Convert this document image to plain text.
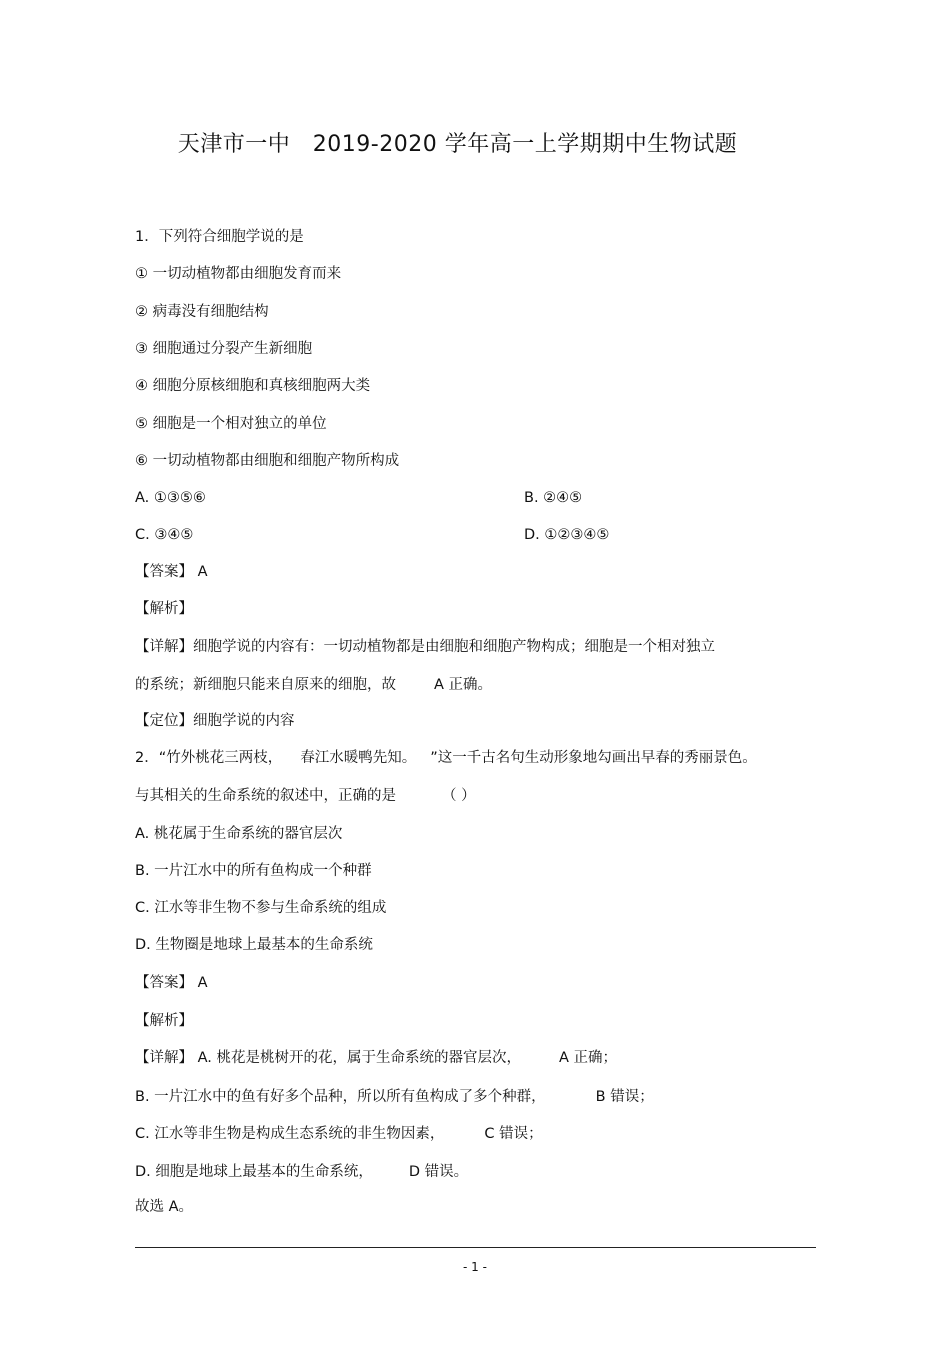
天津市一中　2019-2020 学年高一上学期期中生物试题
1．下列符合细胞学说的是
① 一切动植物都由细胞发育而来
② 病毒没有细胞结构
③ 细胞通过分裂产生新细胞
④ 细胞分原核细胞和真核细胞两大类
⑤ 细胞是一个相对独立的单位
⑥ 一切动植物都由细胞和细胞产物所构成
A. ①③⑤⑥	B. ②④⑤
C. ③④⑤	D. ①②③④⑤
【答案】 A
【解析】
【详解】细胞学说的内容有：一切动植物都是由细胞和细胞产物构成；细胞是一个相对独立
的系统；新细胞只能来自原来的细胞，故	A 正确。
【定位】细胞学说的内容
2．“竹外桃花三两枝， 春江水暖鸭先知。 ”这一千古名句生动形象地勾画出早春的秀丽景色。
与其相关的生命系统的叙述中，正确的是	（ ）
A. 桃花属于生命系统的器官层次
B. 一片江水中的所有鱼构成一个种群
C. 江水等非生物不参与生命系统的组成
D. 生物圈是地球上最基本的生命系统
【答案】 A
【解析】
【详解】 A. 桃花是桃树开的花，属于生命系统的器官层次，	A 正确；
B. 一片江水中的鱼有好多个品种，所以所有鱼构成了多个种群，	B 错误；
C. 江水等非生物是构成生态系统的非生物因素，	C 错误；
D. 细胞是地球上最基本的生命系统， D 错误。
故选 A。
- 1 -
